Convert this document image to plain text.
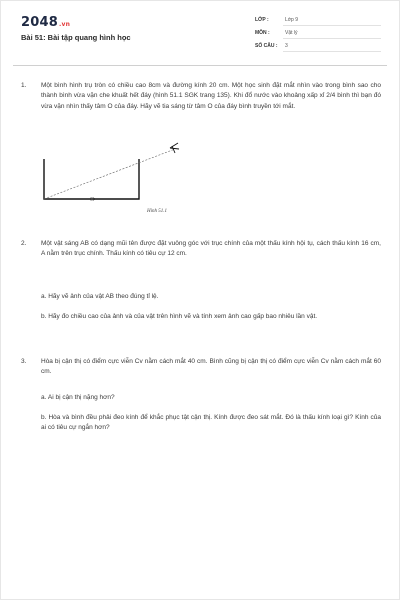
2048.vn
Bài 51: Bài tập quang hình học
LỚP :	Lớp 9
MÔN :	Vật lý
SỐ CÂU : 3
1. Một bình hình trụ tròn có chiều cao 8cm và đường kính 20 cm. Một học sinh đặt mắt nhìn vào trong bình sao cho thành bình vừa vặn che khuất hết đáy (hình 51.1 SGK trang 135). Khi đổ nước vào khoảng xấp xỉ 2/4 bình thì bạn đó vừa vặn nhìn thấy tâm O của đáy. Hãy vẽ tia sáng từ tâm O của đáy bình truyền tới mắt.
O
Hình 51.1
2. Một vật sáng AB có dạng mũi tên được đặt vuông góc với trục chính của một thấu kính hội tụ, cách thấu kính 16 cm, A nằm trên trục chính. Thấu kính có tiêu cự 12 cm.
a. Hãy vẽ ảnh của vật AB theo đúng tỉ lệ.
b. Hãy đo chiều cao của ảnh và của vật trên hình vẽ và tính xem ảnh cao gấp bao nhiêu lần vật.
3. Hòa bị cận thị có điểm cực viễn Cv nằm cách mắt 40 cm. Bình cũng bị cận thị có điểm cực viễn Cv nằm cách mắt 60 cm.
a. Ai bị cận thị nặng hơn?
b. Hòa và bình đều phải đeo kính để khắc phục tật cận thị. Kính được đeo sát mắt. Đó là thấu kính loại gì? Kính của ai có tiêu cự ngắn hơn?
